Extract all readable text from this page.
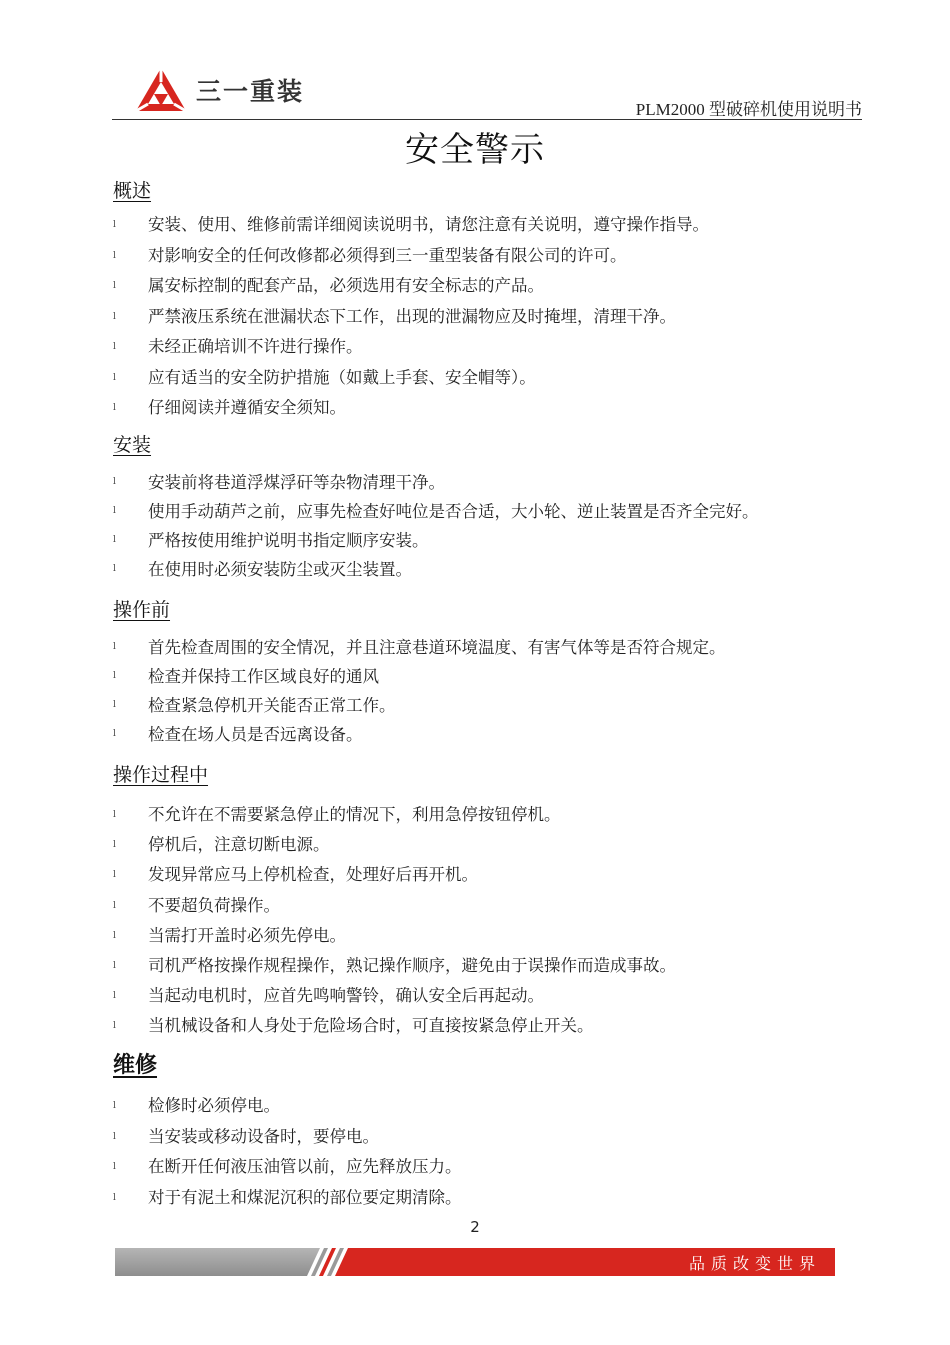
三一重装
PLM2000 型破碎机使用说明书
安全警示
概述
l 安装、使用、维修前需详细阅读说明书，请您注意有关说明，遵守操作指导。
l 对影响安全的任何改修都必须得到三一重型装备有限公司的许可。
l 属安标控制的配套产品，必须选用有安全标志的产品。
l 严禁液压系统在泄漏状态下工作，出现的泄漏物应及时掩埋，清理干净。
l 未经正确培训不许进行操作。
l 应有适当的安全防护措施（如戴上手套、安全帽等）。
l 仔细阅读并遵循安全须知。
安装
l 安装前将巷道浮煤浮矸等杂物清理干净。
l 使用手动葫芦之前，应事先检查好吨位是否合适，大小轮、逆止装置是否齐全完好。
l 严格按使用维护说明书指定顺序安装。
l 在使用时必须安装防尘或灭尘装置。
操作前
l 首先检查周围的安全情况，并且注意巷道环境温度、有害气体等是否符合规定。
l 检查并保持工作区域良好的通风
l 检查紧急停机开关能否正常工作。
l 检查在场人员是否远离设备。
操作过程中
l 不允许在不需要紧急停止的情况下，利用急停按钮停机。
l 停机后，注意切断电源。
l 发现异常应马上停机检查，处理好后再开机。
l 不要超负荷操作。
l 当需打开盖时必须先停电。
l 司机严格按操作规程操作，熟记操作顺序，避免由于误操作而造成事故。
l 当起动电机时，应首先鸣响警铃，确认安全后再起动。
l 当机械设备和人身处于危险场合时，可直接按紧急停止开关。
维修
l 检修时必须停电。
l 当安装或移动设备时，要停电。
l 在断开任何液压油管以前，应先释放压力。
l 对于有泥土和煤泥沉积的部位要定期清除。
2
品质改变世界
